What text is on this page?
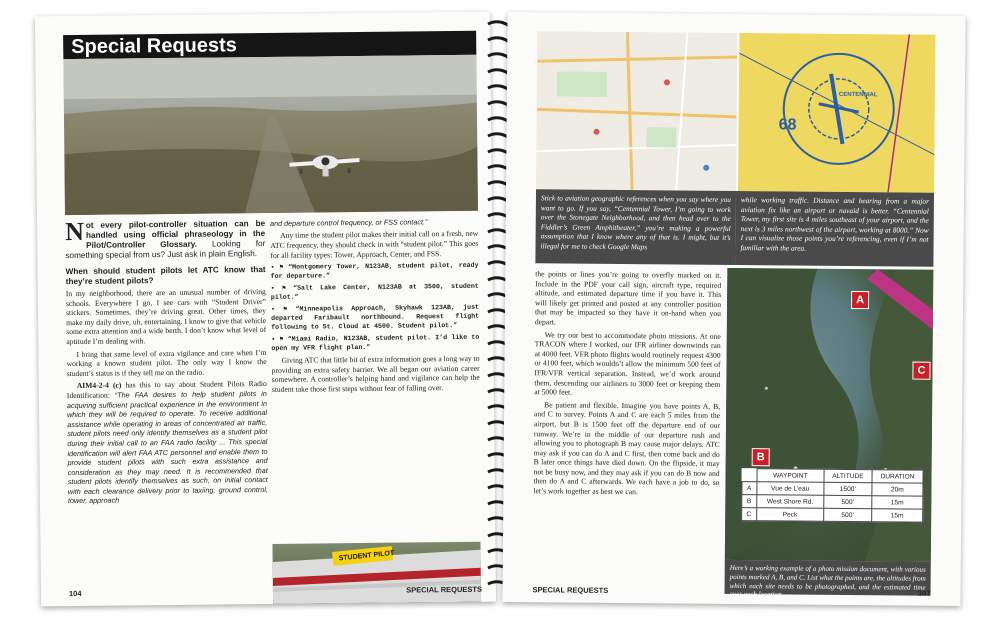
Special Requests

Not every pilot-controller situation can be handled using official phraseology in the Pilot/Controller Glossary. Looking for something special from us? Just ask in plain English.

When should student pilots let ATC know that they’re student pilots?

In my neighborhood, there are an unusual number of driving schools. Everywhere I go, I see cars with “Student Driver” stickers. Sometimes, they’re driving great. Other times, they make my daily drive, uh, entertaining. I know to give that vehicle some extra attention and a wide berth. I don’t know what level of aptitude I’m dealing with.

I bring that same level of extra vigilance and care when I’m working a known student pilot. The only way I know the student’s status is if they tell me on the radio.

AIM4-2-4 (c) has this to say about Student Pilots Radio Identification: “The FAA desires to help student pilots in acquiring sufficient practical experience in the environment in which they will be required to operate. To receive additional assistance while operating in areas of concentrated air traffic, student pilots need only identify themselves as a student pilot during their initial call to an FAA radio facility ... This special identification will alert FAA ATC personnel and enable them to provide student pilots with such extra assistance and consideration as they may need. It is recommended that student pilots identify themselves as such, on initial contact with each clearance delivery prior to taxiing, ground control, tower, approach

and departure control frequency, or FSS contact.”

Any time the student pilot makes their initial call on a fresh, new ATC frequency, they should check in with “student pilot.” This goes for all facility types: Tower, Approach, Center, and FSS.

• ⚑ “Montgomery Tower, N123AB, student pilot, ready for departure.”

• ⚑ “Salt Lake Center, N123AB at 3500, student pilot.”

• ⚑ “Minneapolis Approach, Skyhawk 123AB, just departed Faribault northbound. Request flight following to St. Cloud at 4500. Student pilot.”

• ⚑ “Miami Radio, N123AB, student pilot. I’d like to open my VFR flight plan.”

Giving ATC that little bit of extra information goes a long way to providing an extra safety barrier. We all began our aviation career somewhere. A controller’s helping hand and vigilance can help the student take those first steps without fear of falling over.

STUDENT PILOT
104	SPECIAL REQUESTS
68
CENTENNIAL
Stick to aviation geographic references when you say where you want to go. If you say, “Centennial Tower, I’m going to work over the Stonegate Neighborhood, and then head over to the Fiddler’s Green Amphitheater,” you’re making a powerful assumption that I know where any of that is. I might, but it’s illegal for me to check Google Maps
while working traffic. Distance and bearing from a major aviation fix like an airport or navaid is better. “Centennial Tower, my first site is 4 miles southeast of your airport, and the next is 3 miles northwest of the airport, working at 8000.” Now I can visualize those points you’re referencing, even if I’m not familiar with the area.

the points or lines you’re going to overfly marked on it. Include in the PDF your call sign, aircraft type, required altitude, and estimated departure time if you have it. This will likely get printed and posted at any controller position that may be impacted so they have it on-hand when you depart.

We try our best to accommodate photo missions. At one TRACON where I worked, our IFR airliner downwinds ran at 4000 feet. VFR photo flights would routinely request 4300 or 4100 feet, which wouldn’t allow the minimum 500 feet of IFR/VFR vertical separation. Instead, we’d work around them, descending our airliners to 3000 feet or keeping them at 5000 feet.

Be patient and flexible. Imagine you have points A, B, and C to survey. Points A and C are each 5 miles from the airport, but B is 1500 feet off the departure end of our runway. We’re in the middle of our departure rush and allowing you to photograph B may cause major delays. ATC may ask if you can do A and C first, then come back and do B later once things have died down. On the flipside, it may not be busy now, and they may ask if you can do B now and then do A and C afterwards. We each have a job to do, so let’s work together as best we can.

A
B
C
	WAYPOINT	ALTITUDE	DURATION
A	Vue de L’eau	1500’	20m
B	West Shore Rd.	500’	15m
C	Peck	500’	15m
Here’s a working example of a photo mission document, with various points marked A, B, and C. List what the points are, the altitudes from which each site needs to be photographed, and the estimated time over each location.
SPECIAL REQUESTS	107
